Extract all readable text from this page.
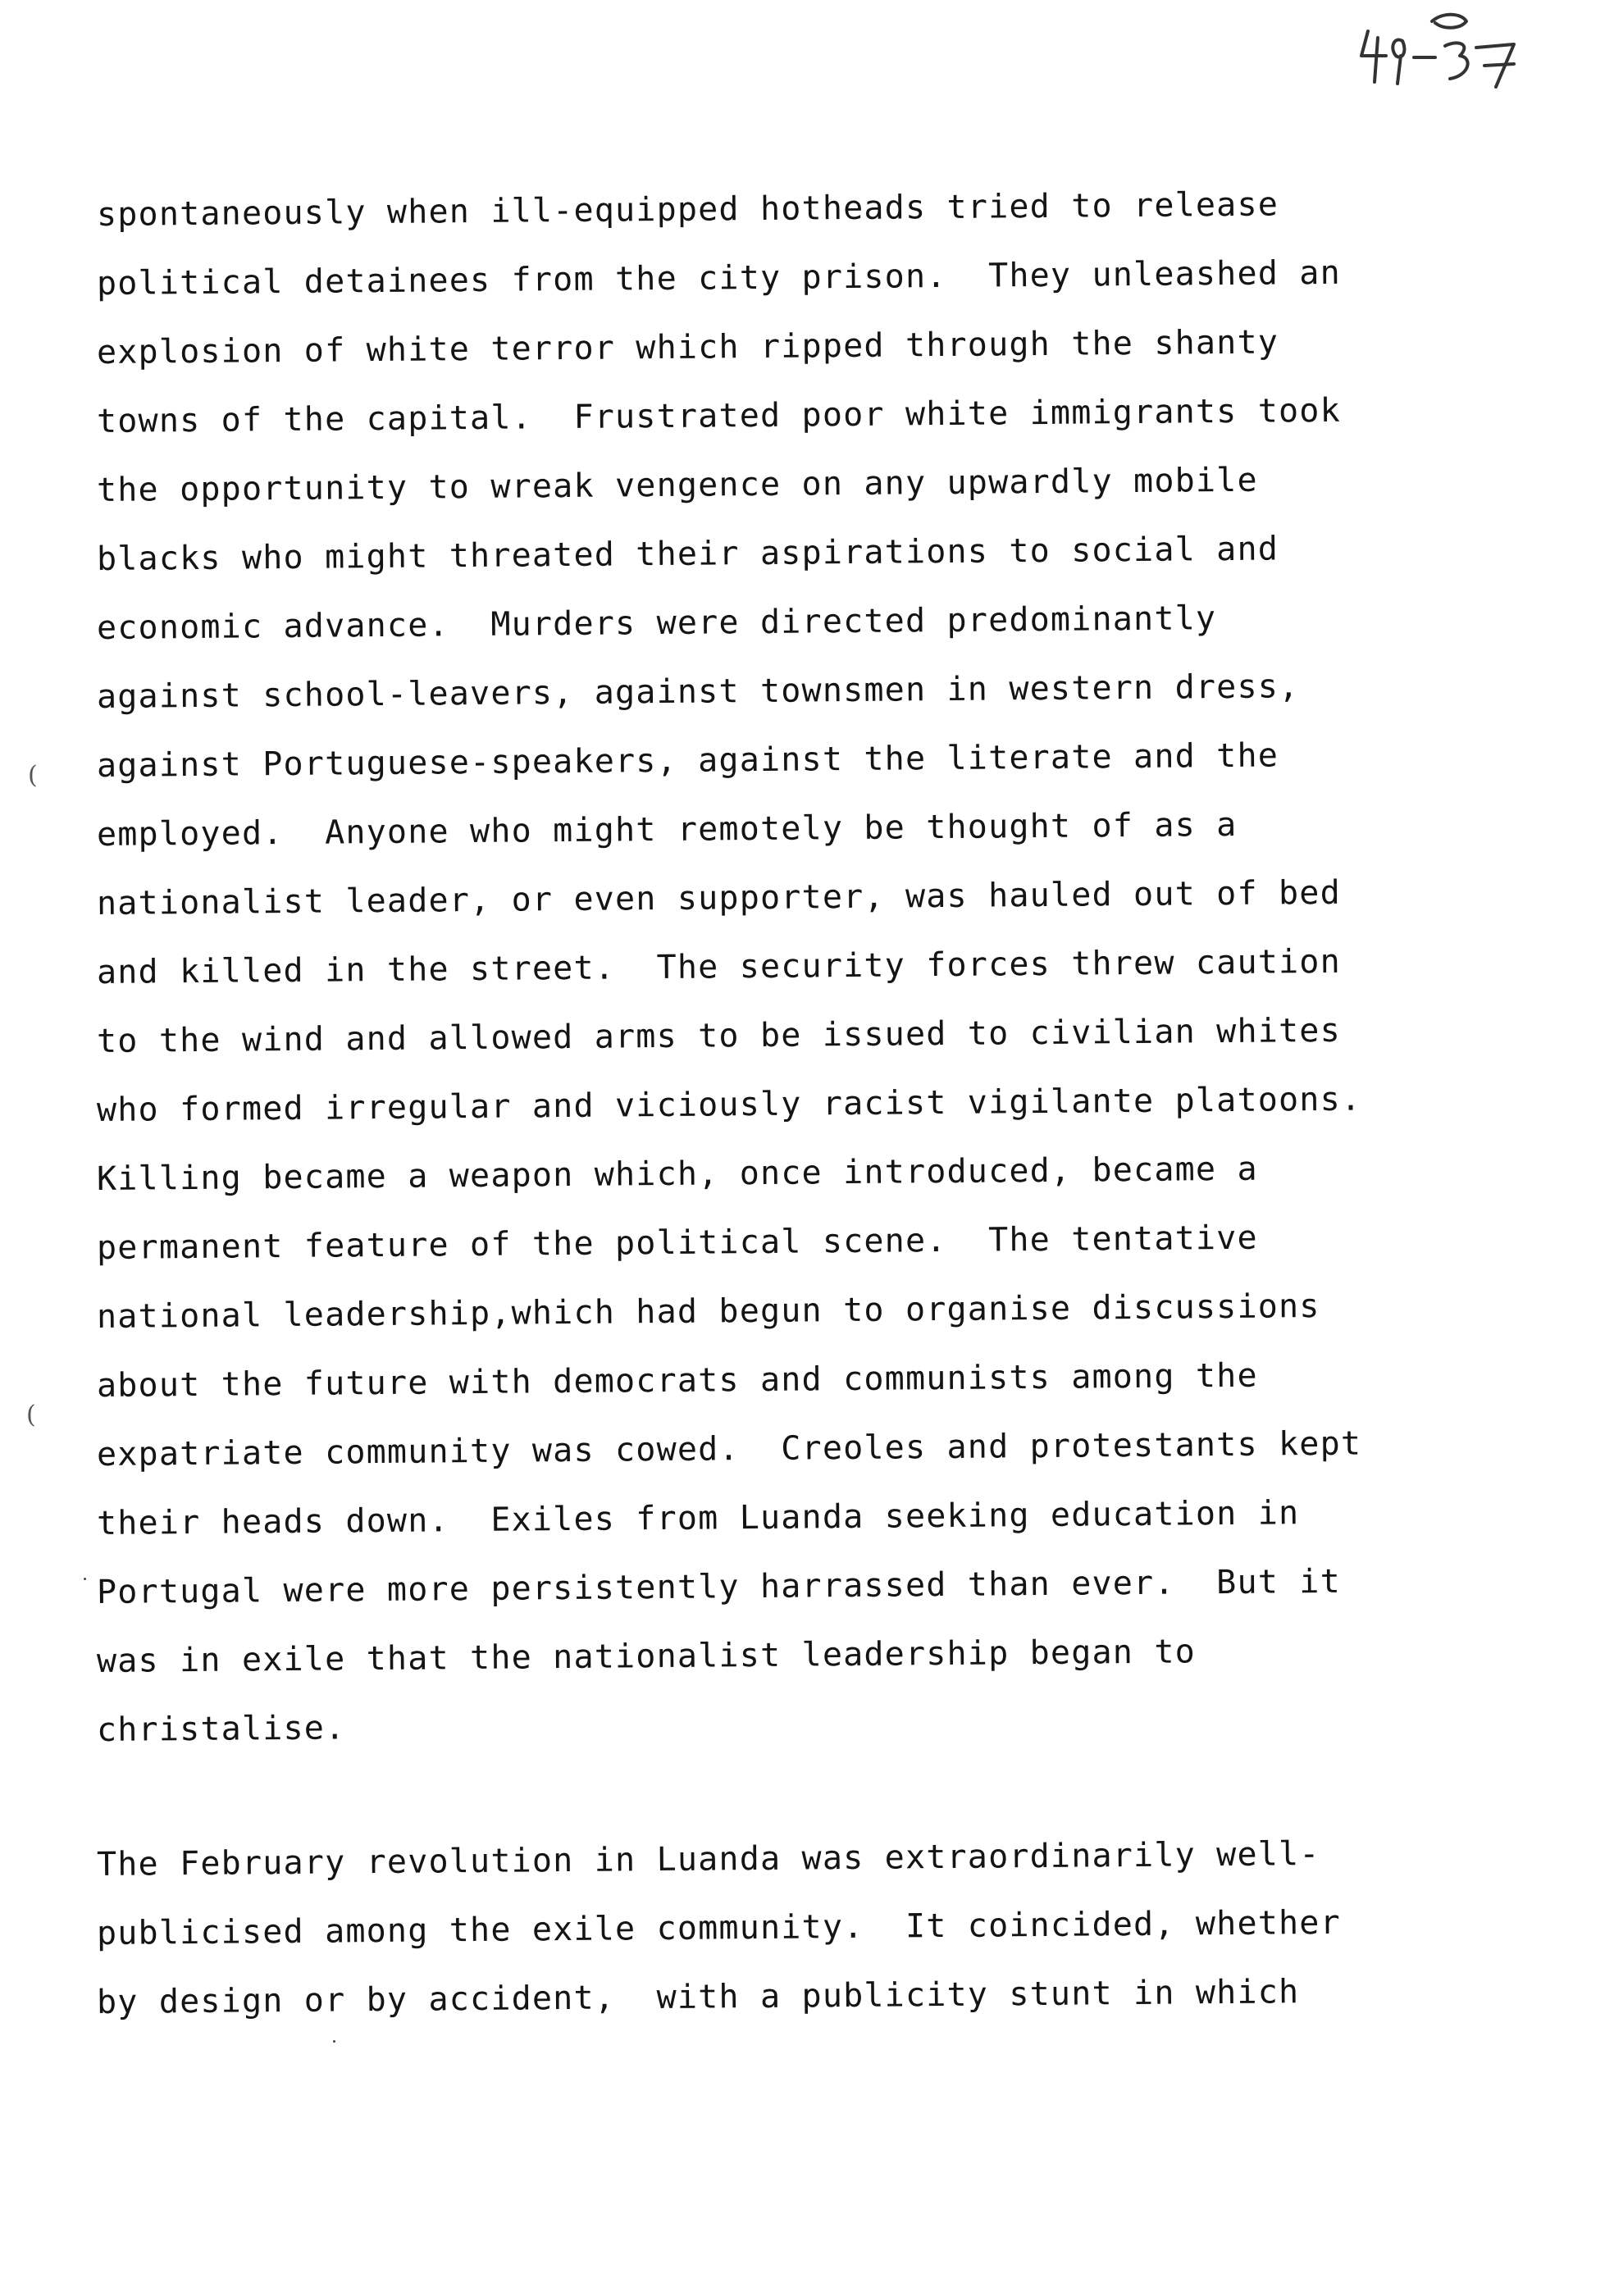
spontaneously when ill-equipped hotheads tried to release
political detainees from the city prison.  They unleashed an
explosion of white terror which ripped through the shanty
towns of the capital.  Frustrated poor white immigrants took
the opportunity to wreak vengence on any upwardly mobile
blacks who might threated their aspirations to social and
economic advance.  Murders were directed predominantly
against school-leavers, against townsmen in western dress,
against Portuguese-speakers, against the literate and the
employed.  Anyone who might remotely be thought of as a
nationalist leader, or even supporter, was hauled out of bed
and killed in the street.  The security forces threw caution
to the wind and allowed arms to be issued to civilian whites
who formed irregular and viciously racist vigilante platoons.
Killing became a weapon which, once introduced, became a
permanent feature of the political scene.  The tentative
national leadership,which had begun to organise discussions
about the future with democrats and communists among the
expatriate community was cowed.  Creoles and protestants kept
their heads down.  Exiles from Luanda seeking education in
Portugal were more persistently harrassed than ever.  But it
was in exile that the nationalist leadership began to
christalise.
The February revolution in Luanda was extraordinarily well-
publicised among the exile community.  It coincided, whether
by design or by accident,  with a publicity stunt in which
(
(
